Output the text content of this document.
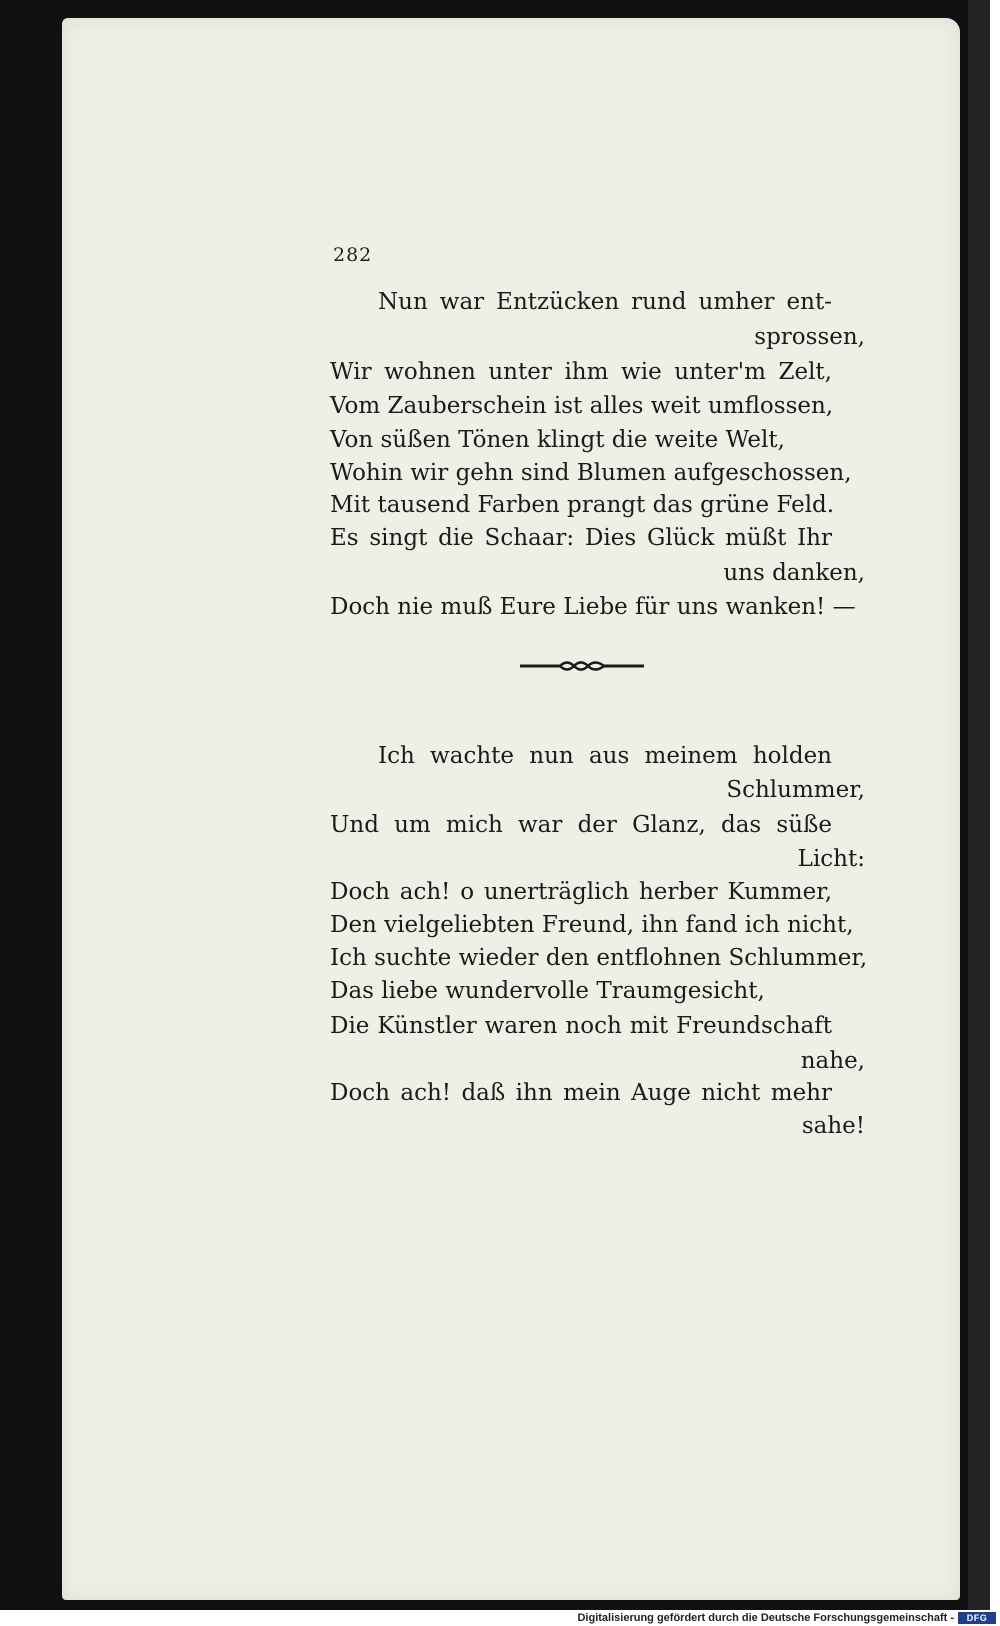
282

Nun war Entzücken rund umher ent-

sprossen,

Wir wohnen unter ihm wie unter'm Zelt,

Vom Zauberschein ist alles weit umflossen,

Von süßen Tönen klingt die weite Welt,

Wohin wir gehn sind Blumen aufgeschossen,

Mit tausend Farben prangt das grüne Feld.

Es singt die Schaar: Dies Glück müßt Ihr

uns danken,

Doch nie muß Eure Liebe für uns wanken! —

Ich wachte nun aus meinem holden

Schlummer,

Und um mich war der Glanz, das süße

Licht:

Doch ach! o unerträglich herber Kummer,

Den vielgeliebten Freund, ihn fand ich nicht,

Ich suchte wieder den entflohnen Schlummer,

Das liebe wundervolle Traumgesicht,

Die Künstler waren noch mit Freundschaft

nahe,

Doch ach! daß ihn mein Auge nicht mehr

sahe!

Digitalisierung gefördert durch die Deutsche Forschungsgemeinschaft -	DFG
